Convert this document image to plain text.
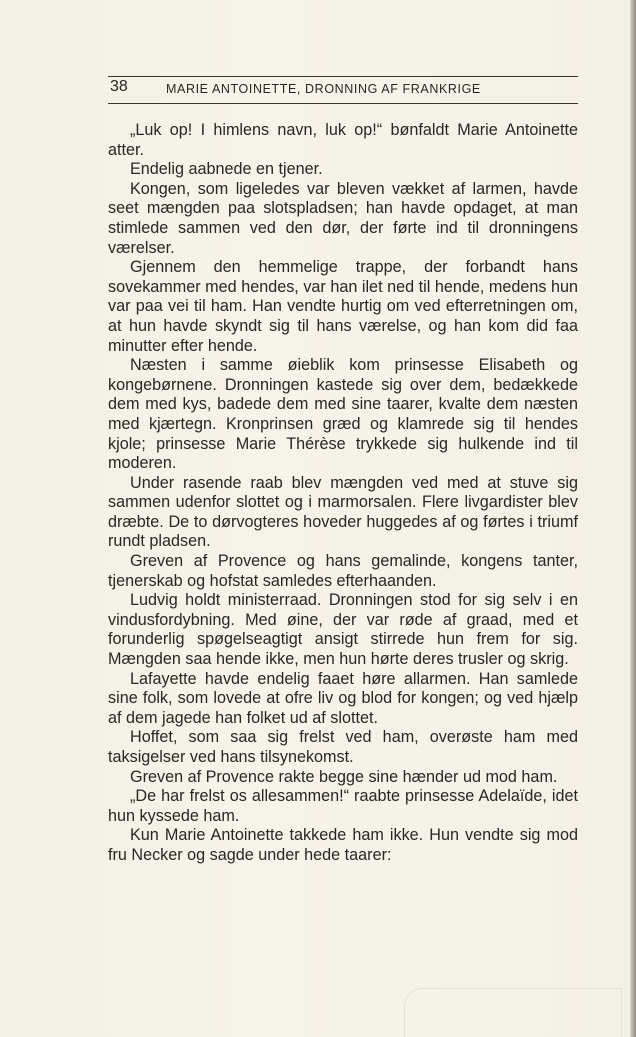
38	MARIE ANTOINETTE, DRONNING AF FRANKRIGE

„Luk op! I himlens navn, luk op!“ bønfaldt Marie Antoinette atter.

Endelig aabnede en tjener.

Kongen, som ligeledes var bleven vækket af larmen, havde seet mængden paa slotspladsen; han havde opdaget, at man stimlede sammen ved den dør, der førte ind til dronningens værelser.

Gjennem den hemmelige trappe, der forbandt hans sovekammer med hendes, var han ilet ned til hende, medens hun var paa vei til ham. Han vendte hurtig om ved efterretningen om, at hun havde skyndt sig til hans værelse, og han kom did faa minutter efter hende.

Næsten i samme øieblik kom prinsesse Elisabeth og kongebørnene. Dronningen kastede sig over dem, bedækkede dem med kys, badede dem med sine taarer, kvalte dem næsten med kjærtegn. Kronprinsen græd og klamrede sig til hendes kjole; prinsesse Marie Thérèse trykkede sig hulkende ind til moderen.

Under rasende raab blev mængden ved med at stuve sig sammen udenfor slottet og i marmorsalen. Flere livgardister blev dræbte. De to dørvogteres hoveder huggedes af og førtes i triumf rundt pladsen.

Greven af Provence og hans gemalinde, kongens tanter, tjenerskab og hofstat samledes efterhaanden.

Ludvig holdt ministerraad. Dronningen stod for sig selv i en vindusfordybning. Med øine, der var røde af graad, med et forunderlig spøgelseagtigt ansigt stirrede hun frem for sig. Mængden saa hende ikke, men hun hørte deres trusler og skrig.

Lafayette havde endelig faaet høre allarmen. Han samlede sine folk, som lovede at ofre liv og blod for kongen; og ved hjælp af dem jagede han folket ud af slottet.

Hoffet, som saa sig frelst ved ham, overøste ham med taksigelser ved hans tilsynekomst.

Greven af Provence rakte begge sine hænder ud mod ham.

„De har frelst os allesammen!“ raabte prinsesse Adelaïde, idet hun kyssede ham.

Kun Marie Antoinette takkede ham ikke. Hun vendte sig mod fru Necker og sagde under hede taarer:
